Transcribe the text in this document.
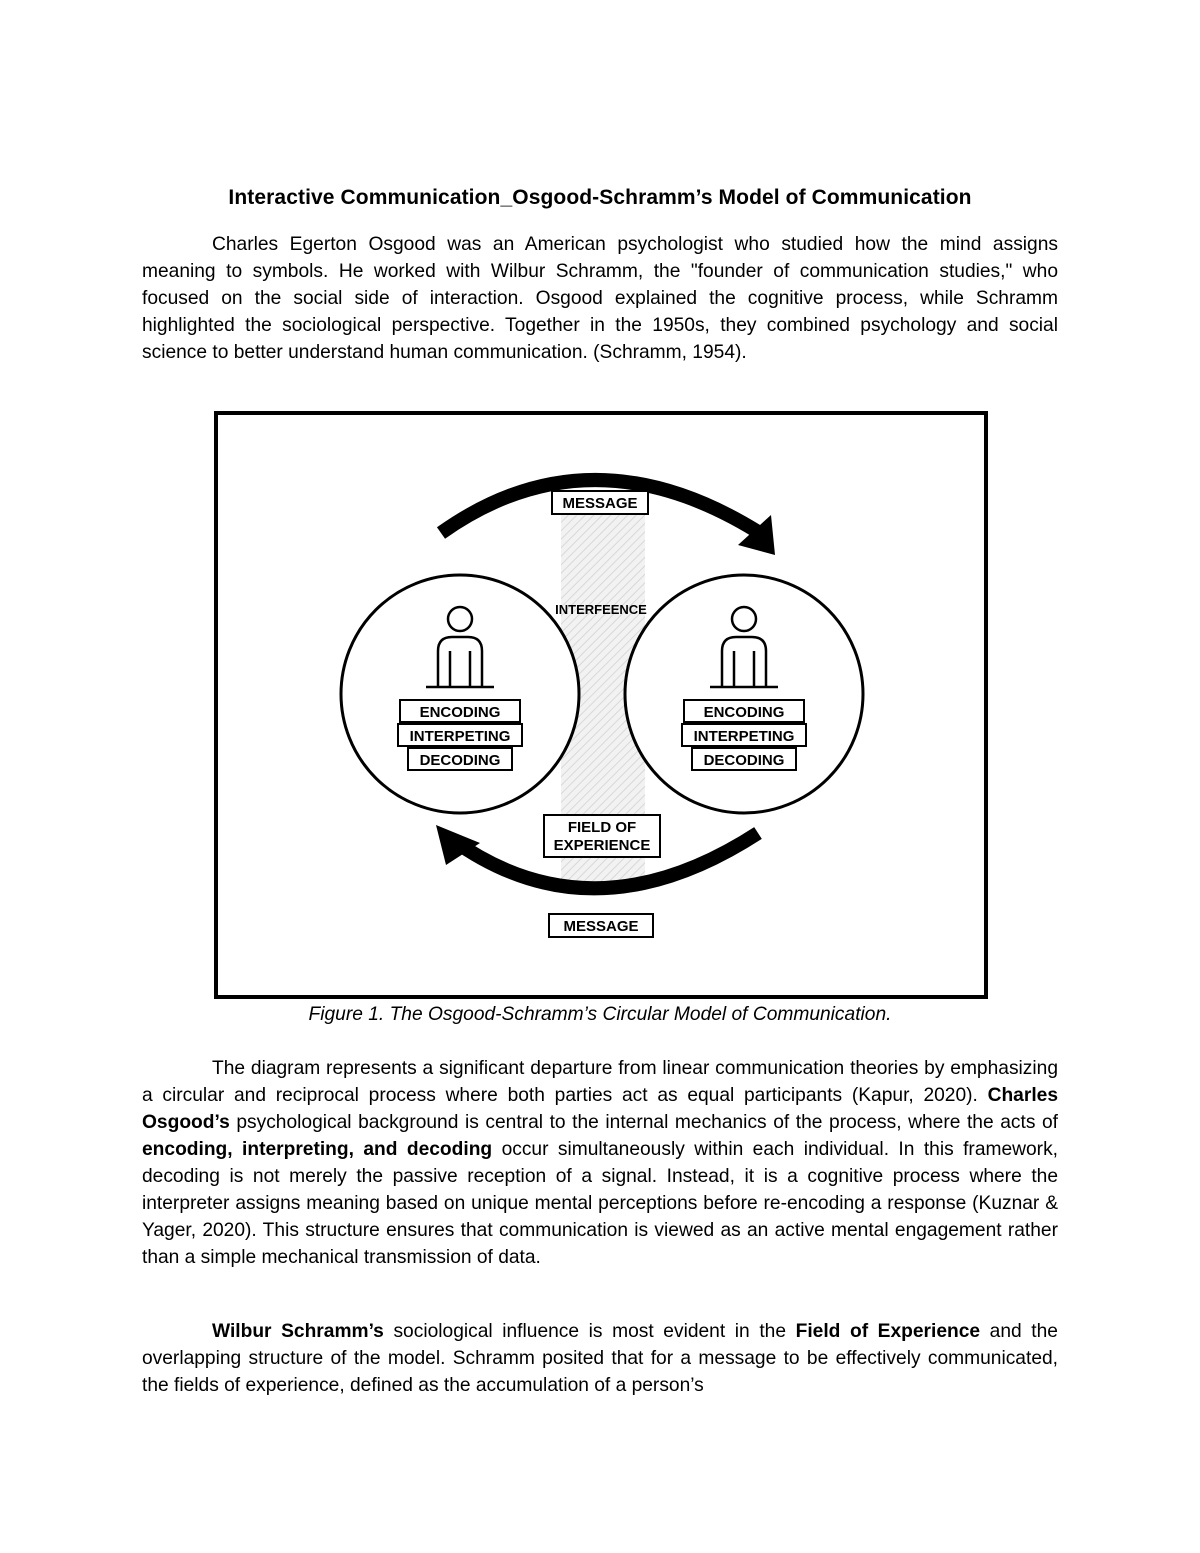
Interactive Communication_Osgood-Schramm’s Model of Communication

Charles Egerton Osgood was an American psychologist who studied how the mind assigns meaning to symbols. He worked with Wilbur Schramm, the "founder of communication studies," who focused on the social side of interaction. Osgood explained the cognitive process, while Schramm highlighted the sociological perspective. Together in the 1950s, they combined psychology and social science to better understand human communication. (Schramm, 1954).

MESSAGE
INTERFEENCE
ENCODING
INTERPETING
DECODING
ENCODING
INTERPETING
DECODING
FIELD OF
EXPERIENCE
MESSAGE
Figure 1. The Osgood-Schramm’s Circular Model of Communication.

The diagram represents a significant departure from linear communication theories by emphasizing a circular and reciprocal process where both parties act as equal participants (Kapur, 2020). Charles Osgood’s psychological background is central to the internal mechanics of the process, where the acts of encoding, interpreting, and decoding occur simultaneously within each individual. In this framework, decoding is not merely the passive reception of a signal. Instead, it is a cognitive process where the interpreter assigns meaning based on unique mental perceptions before re-encoding a response (Kuznar & Yager, 2020). This structure ensures that communication is viewed as an active mental engagement rather than a simple mechanical transmission of data.

Wilbur Schramm’s sociological influence is most evident in the Field of Experience and the overlapping structure of the model. Schramm posited that for a message to be effectively communicated, the fields of experience, defined as the accumulation of a person’s
